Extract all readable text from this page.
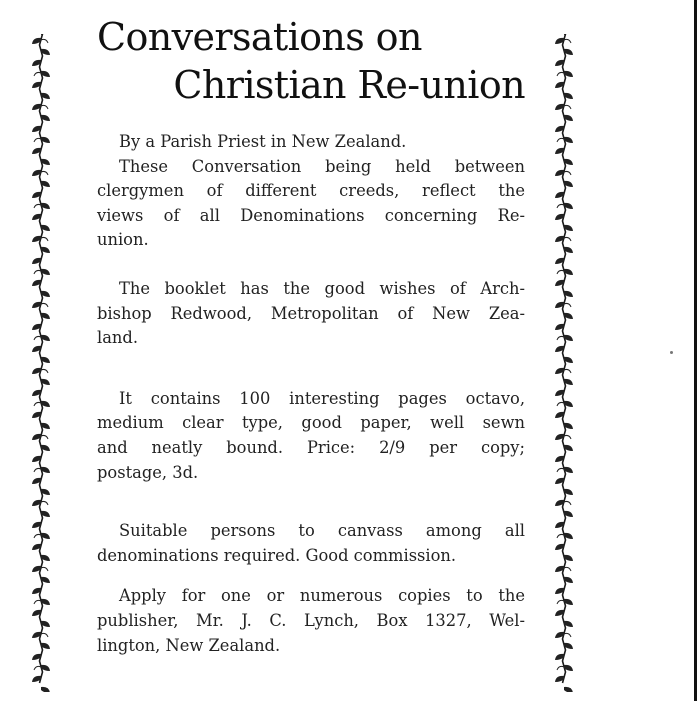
Conversations on
Christian Re-union

By a Parish Priest in New Zealand.

These Conversation being held between
clergymen of different creeds, reflect the
views of all Denominations concerning Re-
union.

The booklet has the good wishes of Arch-
bishop Redwood, Metropolitan of New Zea-
land.

It contains 100 interesting pages octavo,
medium clear type, good paper, well sewn
and neatly bound. Price: 2/9 per copy;
postage, 3d.

Suitable persons to canvass among all
denominations required. Good commission.

Apply for one or numerous copies to the
publisher, Mr. J. C. Lynch, Box 1327, Wel-
lington, New Zealand.
